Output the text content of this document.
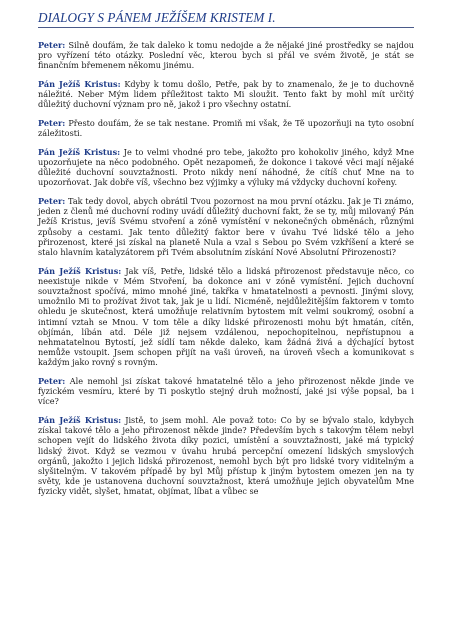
DIALOGY S PÁNEM JEŽÍŠEM KRISTEM I.

Peter: Silně doufám, že tak daleko k tomu nedojde a že nějaké jiné prostředky se najdou pro vyřízení této otázky. Poslední věc, kterou bych si přál ve svém životě, je stát se finančním břemenem někomu jinému.

Pán Ježíš Kristus: Kdyby k tomu došlo, Petře, pak by to znamenalo, že je to duchovně náležité. Neber Mým lidem příležitost takto Mi sloužit. Tento fakt by mohl mít určitý důležitý duchovní význam pro ně, jakož i pro všechny ostatní.

Peter: Přesto doufám, že se tak nestane. Promiň mi však, že Tě upozorňuji na tyto osobní záležitosti.

Pán Ježíš Kristus: Je to velmi vhodné pro tebe, jakožto pro kohokoliv jiného, když Mne upozorňujete na něco podobného. Opět nezapomeň, že dokonce i takové věci mají nějaké důležité duchovní souvztažnosti. Proto nikdy není náhodné, že cítíš chuť Mne na to upozorňovat. Jak dobře víš, všechno bez výjimky a výluky má vždycky duchovní kořeny.

Peter: Tak tedy dovol, abych obrátil Tvou pozornost na mou první otázku. Jak je Ti známo, jeden z členů mé duchovní rodiny uvádí důležitý duchovní fakt, že se ty, můj milovaný Pán Ježíš Kristus, jevíš Svému stvoření a zóně vymístění v nekonečných obměnách, různými způsoby a cestami. Jak tento důležitý faktor bere v úvahu Tvé lidské tělo a jeho přirozenost, které jsi získal na planetě Nula a vzal s Sebou po Svém vzkříšení a které se stalo hlavním katalyzátorem při Tvém absolutním získání Nové Absolutní Přirozenosti?

Pán Ježíš Kristus: Jak víš, Petře, lidské tělo a lidská přirozenost představuje něco, co neexistuje nikde v Mém Stvoření, ba dokonce ani v zóně vymístění. Jejich duchovní souvztažnost spočívá, mimo mnohé jiné, takřka v hmatatelnosti a pevnosti. Jinými slovy, umožnilo Mi to prožívat život tak, jak je u lidí. Nicméně, nejdůležitějším faktorem v tomto ohledu je skutečnost, která umožňuje relativním bytostem mít velmi soukromý, osobní a intimní vztah se Mnou. V tom těle a díky lidské přirozenosti mohu být hmatán, cítěn, objímán, líbán atd. Déle již nejsem vzdálenou, nepochopitelnou, nepřístupnou a nehmatatelnou Bytostí, jež sídlí tam někde daleko, kam žádná živá a dýchající bytost nemůže vstoupit. Jsem schopen přijít na vaši úroveň, na úroveň všech a komunikovat s každým jako rovný s rovným.

Peter: Ale nemohl jsi získat takové hmatatelné tělo a jeho přirozenost někde jinde ve fyzickém vesmíru, které by Ti poskytlo stejný druh možností, jaké jsi výše popsal, ba i více?

Pán Ježíš Kristus: Jistě, to jsem mohl. Ale považ toto: Co by se bývalo stalo, kdybych získal takové tělo a jeho přirozenost někde jinde? Především bych s takovým tělem nebyl schopen vejít do lidského života díky pozici, umístění a souvztažnosti, jaké má typický lidský život. Když se vezmou v úvahu hrubá percepční omezení lidských smyslových orgánů, jakožto i jejich lidská přirozenost, nemohl bych být pro lidské tvory viditelným a slyšitelným. V takovém případě by byl Můj přístup k jiným bytostem omezen jen na ty světy, kde je ustanovena duchovní souvztažnost, která umožňuje jejich obyvatelům Mne fyzicky vidět, slyšet, hmatat, objímat, líbat a vůbec se
